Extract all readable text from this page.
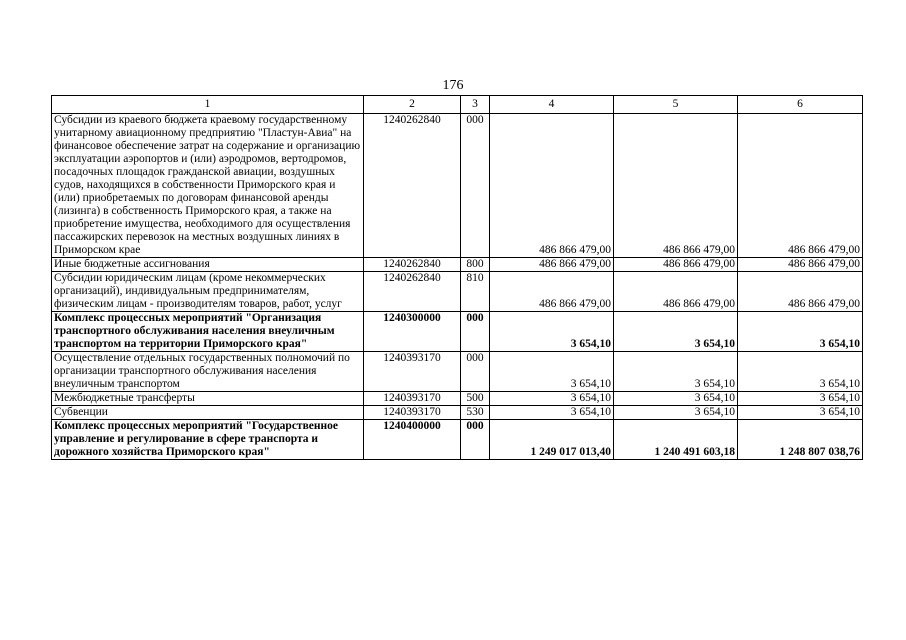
176
1	2	3	4	5	6
Субсидии из краевого бюджета краевому государственному унитарному авиационному предприятию "Пластун-Авиа" на финансовое обеспечение затрат на содержание и организацию эксплуатации аэропортов и (или) аэродромов, вертодромов, посадочных площадок гражданской авиации, воздушных судов, находящихся в собственности Приморского края и (или) приобретаемых по договорам финансовой аренды (лизинга) в собственность Приморского края, а также на приобретение имущества, необходимого для осуществления пассажирских перевозок на местных воздушных линиях в Приморском крае	1240262840	000	486 866 479,00	486 866 479,00	486 866 479,00
Иные бюджетные ассигнования	1240262840	800	486 866 479,00	486 866 479,00	486 866 479,00
Субсидии юридическим лицам (кроме некоммерческих организаций), индивидуальным предпринимателям, физическим лицам - производителям товаров, работ, услуг	1240262840	810	486 866 479,00	486 866 479,00	486 866 479,00
Комплекс процессных мероприятий "Организация транспортного обслуживания населения внеуличным транспортом на территории Приморского края"	1240300000	000	3 654,10	3 654,10	3 654,10
Осуществление отдельных государственных полномочий по организации транспортного обслуживания населения внеуличным транспортом	1240393170	000	3 654,10	3 654,10	3 654,10
Межбюджетные трансферты	1240393170	500	3 654,10	3 654,10	3 654,10
Субвенции	1240393170	530	3 654,10	3 654,10	3 654,10
Комплекс процессных мероприятий "Государственное управление и регулирование в сфере транспорта и дорожного хозяйства Приморского края"	1240400000	000	1 249 017 013,40	1 240 491 603,18	1 248 807 038,76
